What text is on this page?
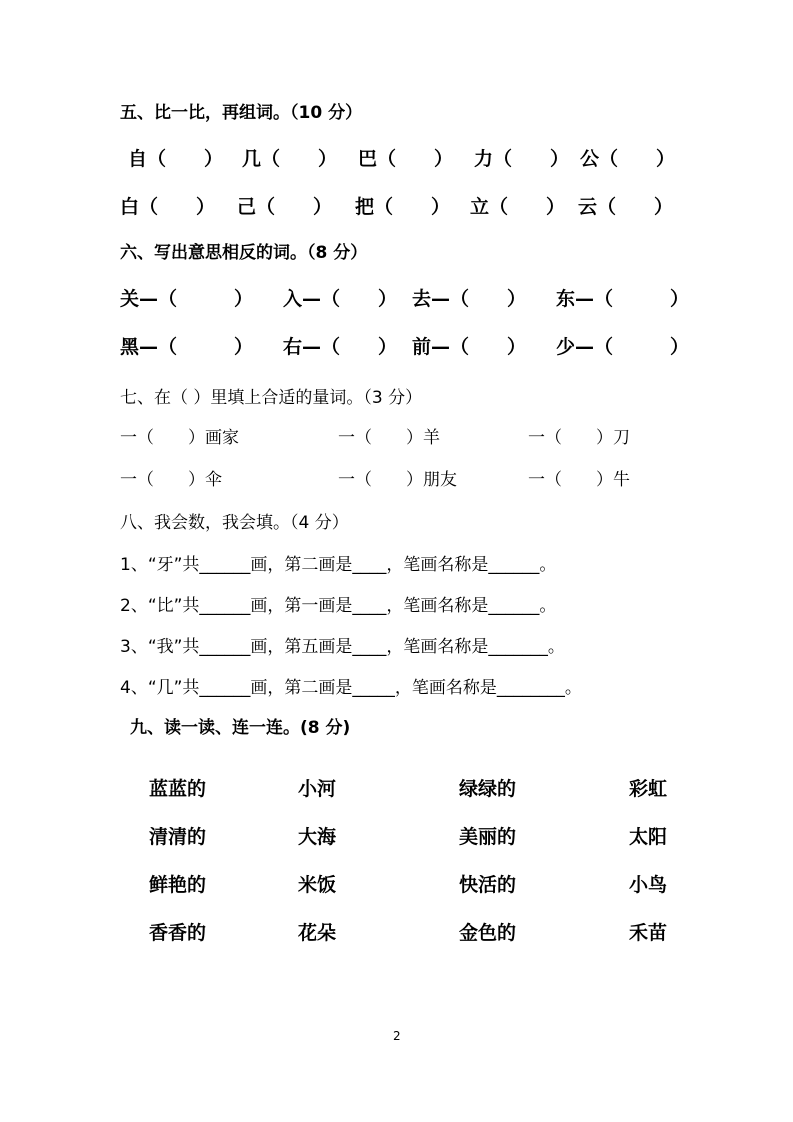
五、比一比，再组词。（10 分）
自（　　） 几（　　） 巴（　　） 力（　　） 公（　　）
白（　　） 己（　　） 把（　　） 立（　　） 云（　　）
六、写出意思相反的词。（8 分）
关—（　　　） 入—（　　） 去—（　　） 东—（　　　）
黑—（　　　） 右—（　　） 前—（　　） 少—（　　　）
七、在（ ）里填上合适的量词。（3 分）
一（　　）画家	一（　　）羊	一（　　）刀
一（　　）伞	一（　　）朋友	一（　　）牛
八、我会数，我会填。（4 分）
1、“牙”共______画，第二画是____，笔画名称是______。
2、“比”共______画，第一画是____，笔画名称是______。
3、“我”共______画，第五画是____，笔画名称是_______。
4、“几”共______画，第二画是_____，笔画名称是________。
九、读一读、连一连。(8 分)
蓝蓝的	小河	绿绿的	彩虹
清清的	大海	美丽的	太阳
鲜艳的	米饭	快活的	小鸟
香香的	花朵	金色的	禾苗
2
